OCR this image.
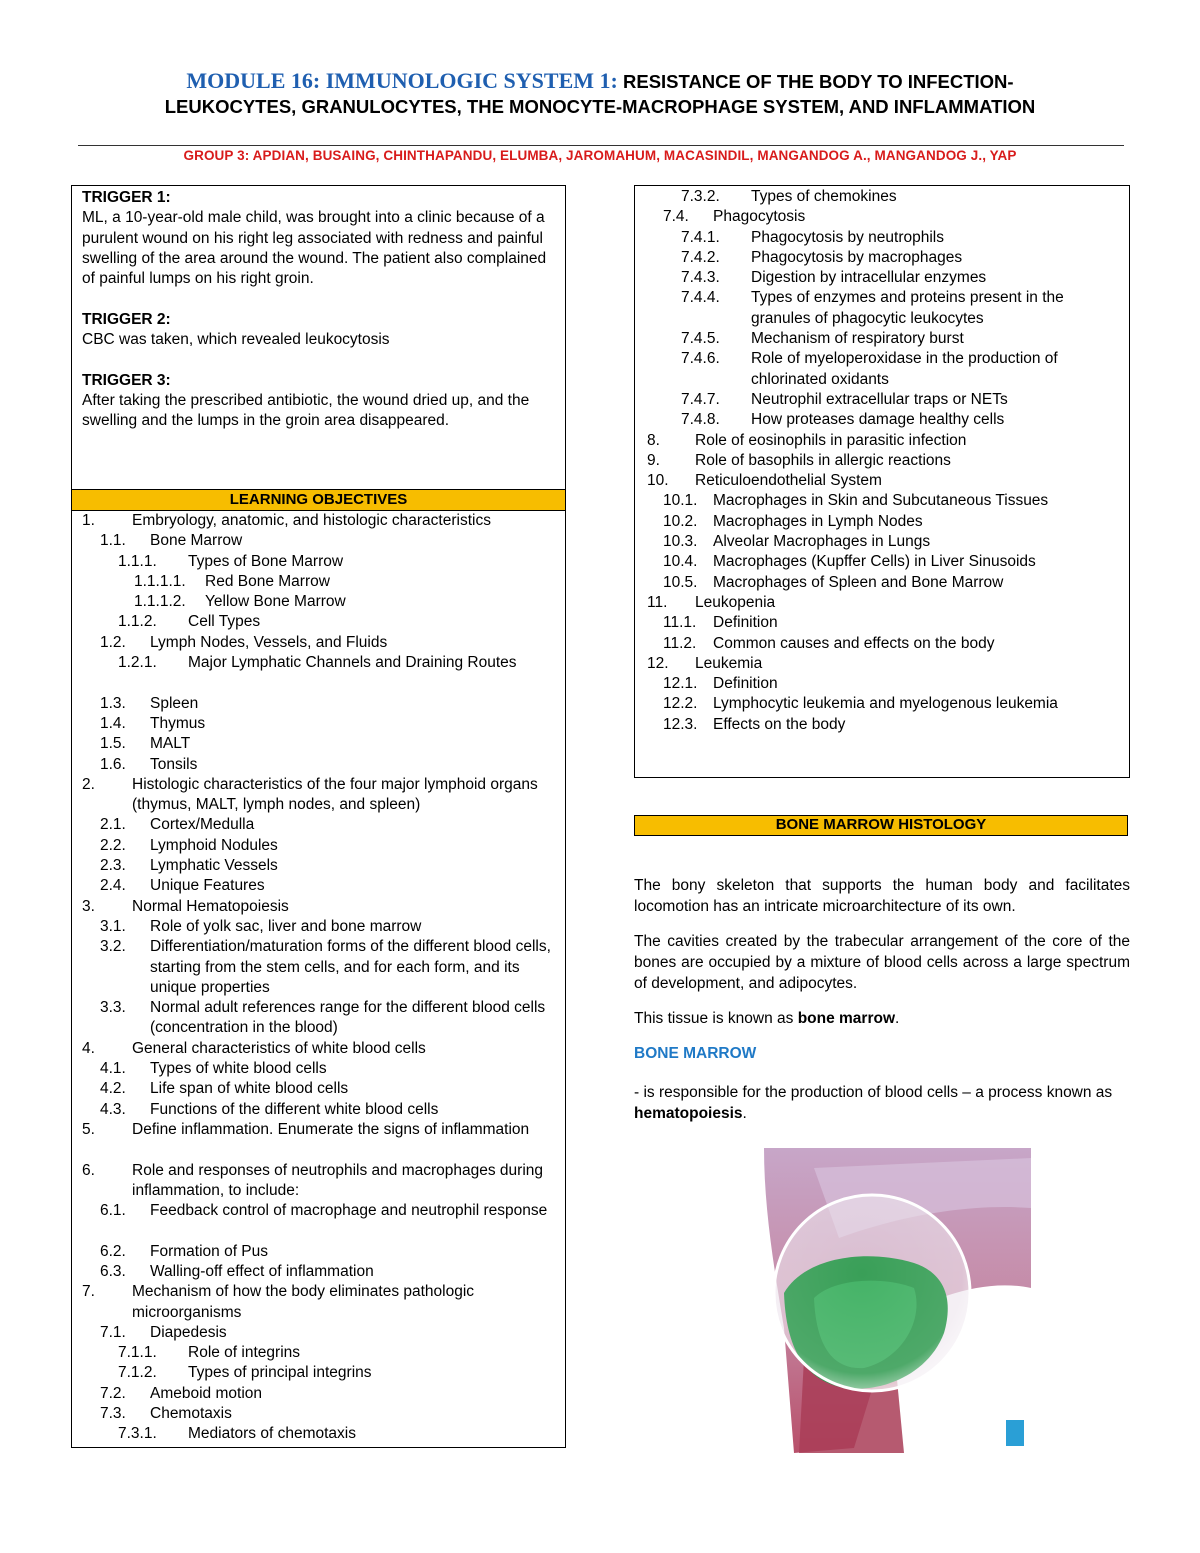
MODULE 16: IMMUNOLOGIC SYSTEM 1: RESISTANCE OF THE BODY TO INFECTION-
LEUKOCYTES, GRANULOCYTES, THE MONOCYTE-MACROPHAGE SYSTEM, AND INFLAMMATION
GROUP 3: APDIAN, BUSAING, CHINTHAPANDU, ELUMBA, JAROMAHUM, MACASINDIL, MANGANDOG A., MANGANDOG J., YAP

TRIGGER 1:

ML, a 10-year-old male child, was brought into a clinic because of a purulent wound on his right leg associated with redness and painful swelling of the area around the wound. The patient also complained of painful lumps on his right groin.

TRIGGER 2:

CBC was taken, which revealed leukocytosis

TRIGGER 3:

After taking the prescribed antibiotic, the wound dried up, and the swelling and the lumps in the groin area disappeared.

LEARNING OBJECTIVES
1. Embryology, anatomic, and histologic characteristics
1.1. Bone Marrow
1.1.1. Types of Bone Marrow
1.1.1.1. Red Bone Marrow
1.1.1.2. Yellow Bone Marrow
1.1.2. Cell Types
1.2. Lymph Nodes, Vessels, and Fluids
1.2.1. Major Lymphatic Channels and Draining Routes
1.3. Spleen
1.4. Thymus
1.5. MALT
1.6. Tonsils
2. Histologic characteristics of the four major lymphoid organs (thymus, MALT, lymph nodes, and spleen)
2.1. Cortex/Medulla
2.2. Lymphoid Nodules
2.3. Lymphatic Vessels
2.4. Unique Features
3. Normal Hematopoiesis
3.1. Role of yolk sac, liver and bone marrow
3.2. Differentiation/maturation forms of the different blood cells, starting from the stem cells, and for each form, and its unique properties
3.3. Normal adult references range for the different blood cells (concentration in the blood)
4. General characteristics of white blood cells
4.1. Types of white blood cells
4.2. Life span of white blood cells
4.3. Functions of the different white blood cells
5. Define inflammation. Enumerate the signs of inflammation
6. Role and responses of neutrophils and macrophages during inflammation, to include:
6.1. Feedback control of macrophage and neutrophil response
6.2. Formation of Pus
6.3. Walling-off effect of inflammation
7. Mechanism of how the body eliminates pathologic microorganisms
7.1. Diapedesis
7.1.1. Role of integrins
7.1.2. Types of principal integrins
7.2. Ameboid motion
7.3. Chemotaxis
7.3.1. Mediators of chemotaxis
7.3.2. Types of chemokines
7.4. Phagocytosis
7.4.1. Phagocytosis by neutrophils
7.4.2. Phagocytosis by macrophages
7.4.3. Digestion by intracellular enzymes
7.4.4. Types of enzymes and proteins present in the granules of phagocytic leukocytes
7.4.5. Mechanism of respiratory burst
7.4.6. Role of myeloperoxidase in the production of chlorinated oxidants
7.4.7. Neutrophil extracellular traps or NETs
7.4.8. How proteases damage healthy cells
8. Role of eosinophils in parasitic infection
9. Role of basophils in allergic reactions
10. Reticuloendothelial System
10.1. Macrophages in Skin and Subcutaneous Tissues
10.2. Macrophages in Lymph Nodes
10.3. Alveolar Macrophages in Lungs
10.4. Macrophages (Kupffer Cells) in Liver Sinusoids
10.5. Macrophages of Spleen and Bone Marrow
11. Leukopenia
11.1. Definition
11.2. Common causes and effects on the body
12. Leukemia
12.1. Definition
12.2. Lymphocytic leukemia and myelogenous leukemia
12.3. Effects on the body
BONE MARROW HISTOLOGY

The bony skeleton that supports the human body and facilitates locomotion has an intricate microarchitecture of its own.

The cavities created by the trabecular arrangement of the core of the bones are occupied by a mixture of blood cells across a large spectrum of development, and adipocytes.

This tissue is known as bone marrow.

BONE MARROW

- is responsible for the production of blood cells – a process known as hematopoiesis.
